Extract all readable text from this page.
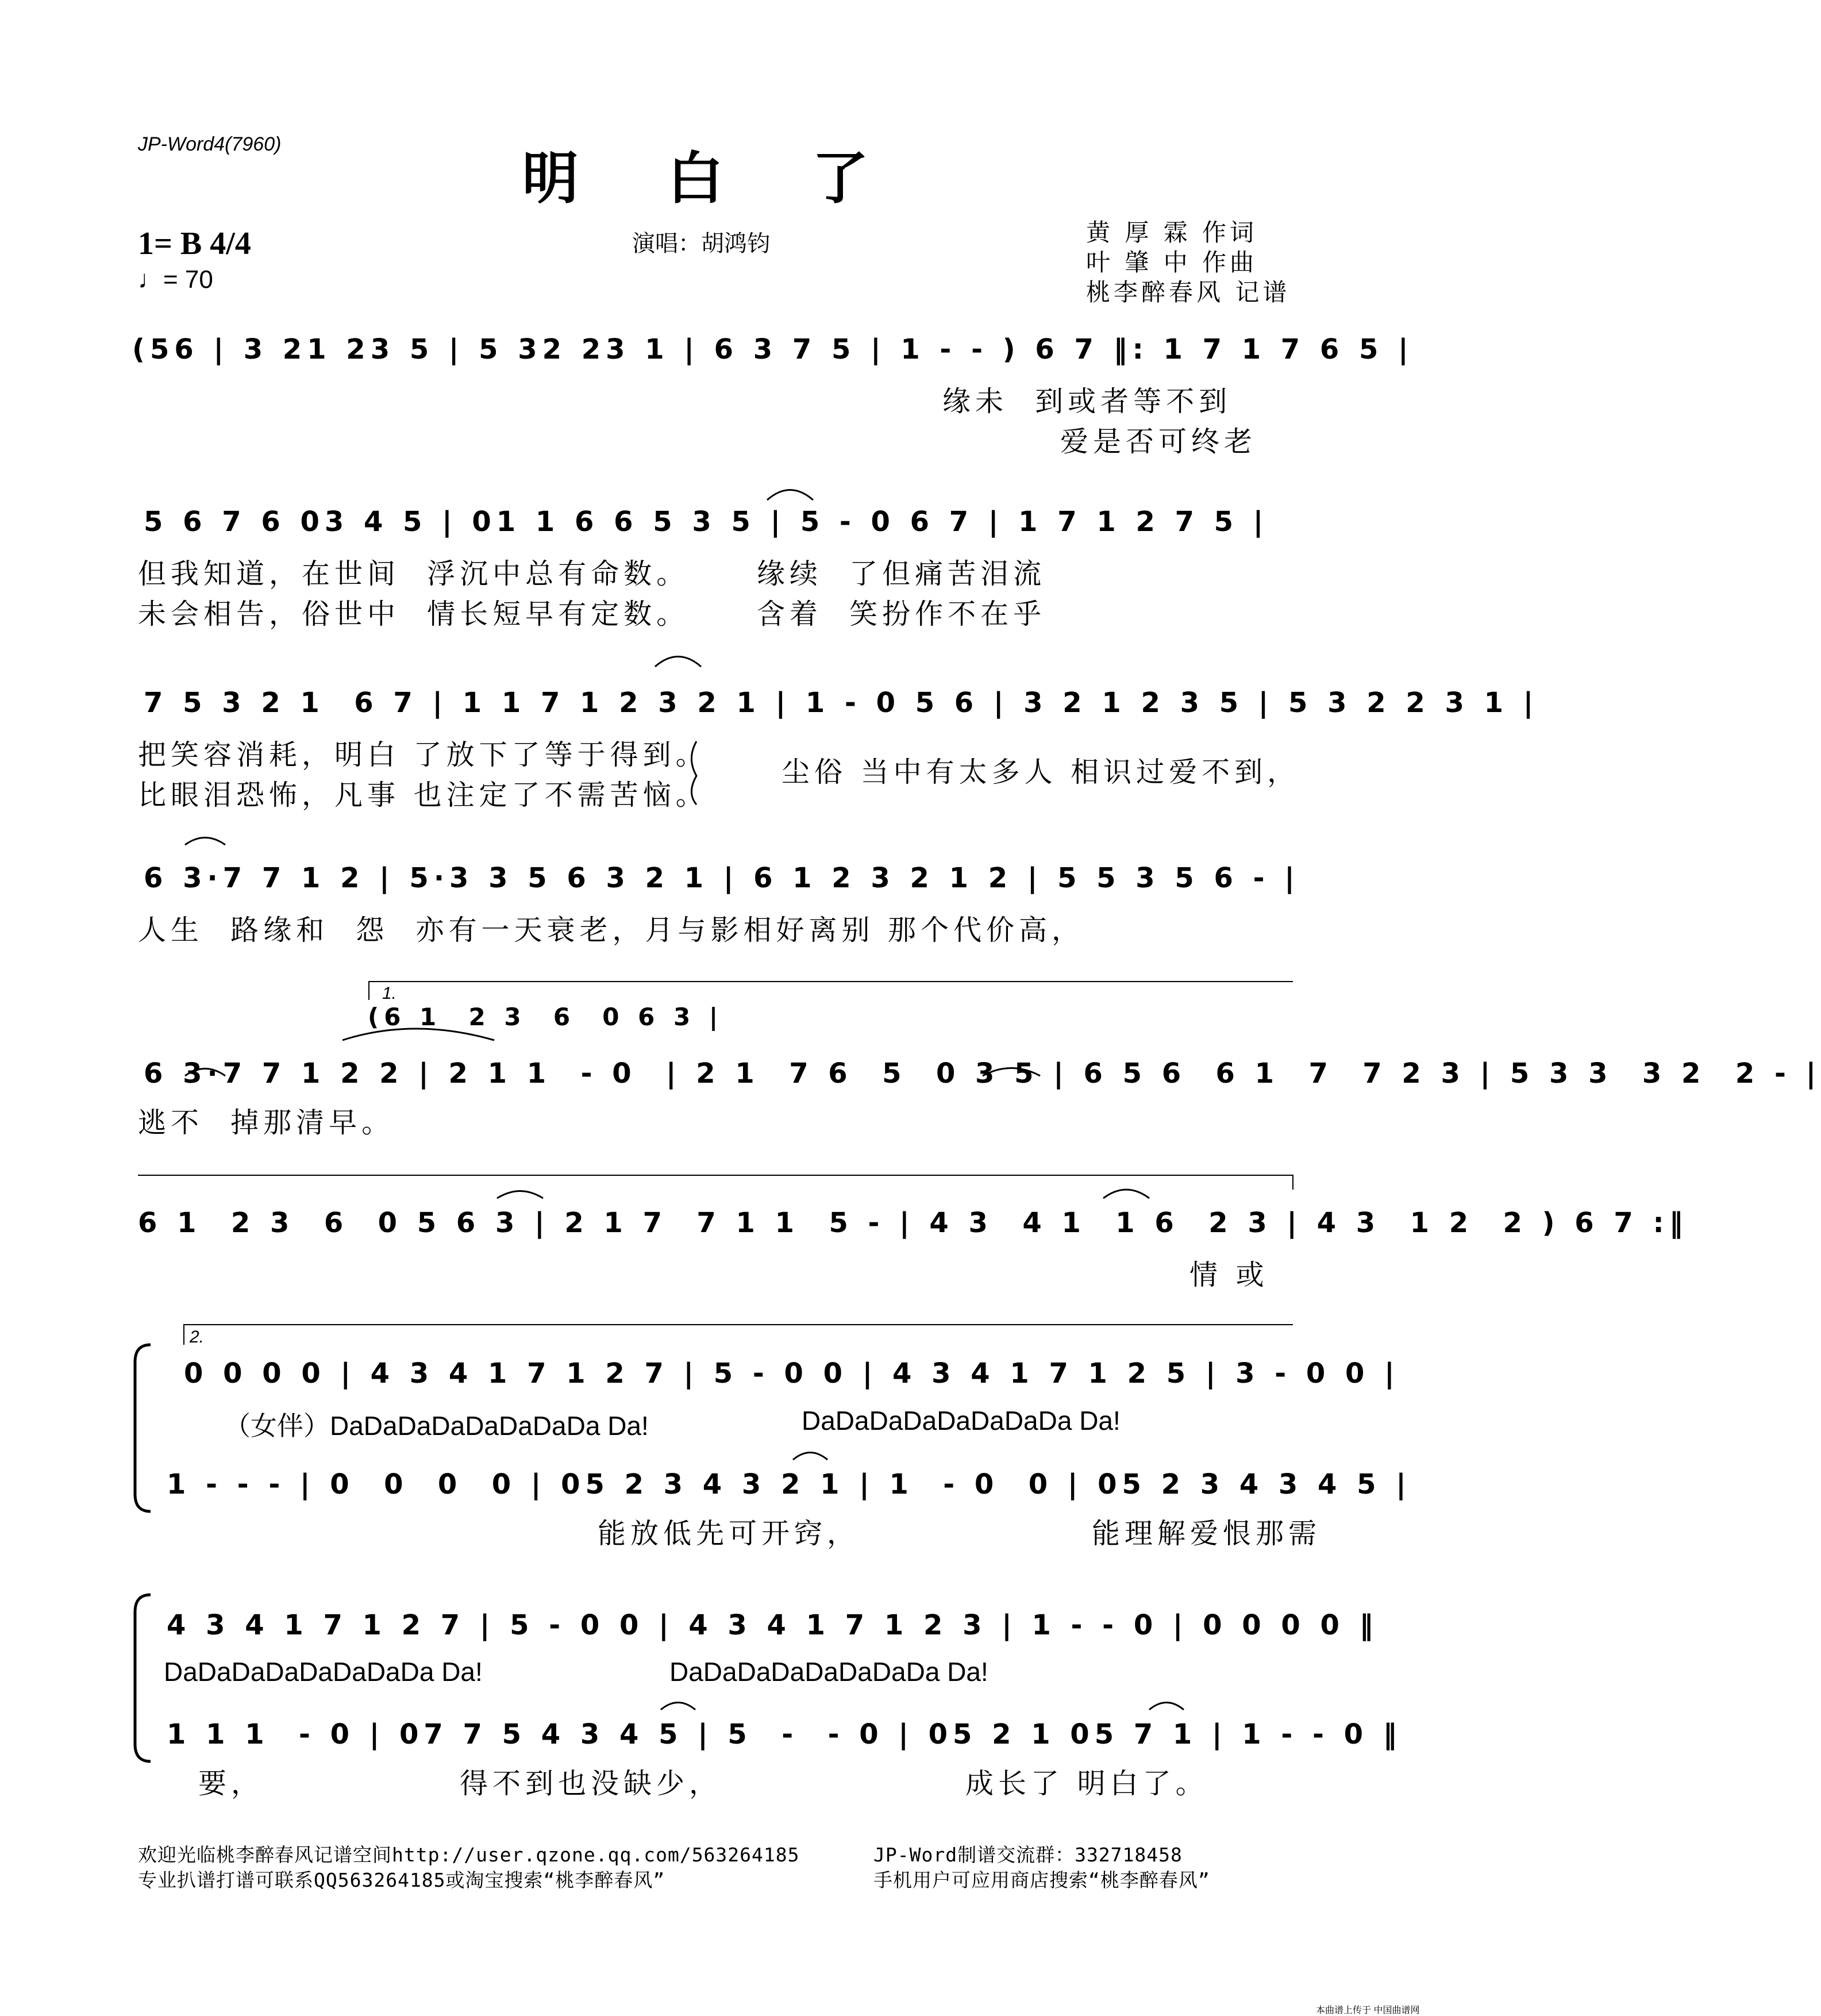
JP-Word4(7960)
明 白 了
1= B 4/4
♩= 70
演唱：胡鸿钧	黄 厚 霖 作词
叶 肇 中 作曲
桃李醉春风 记谱
(56 | 3 21 23 5 | 5 32 23 1 | 6 3 7 5 | 1 - - ) 6 7 ‖: 1 7 1 7 6 5 |
缘未  到或者等不到
爱是否可终老
5 6 7 6 03 4 5 | 01 1 6 6 5 3 5 | 5 - 0 6 7 | 1 7 1 2 7 5 |
但我知道，在世间  浮沉中总有命数。     缘续  了但痛苦泪流
未会相告，俗世中  情长短早有定数。     含着  笑扮作不在乎
7 5 3 2 1  6 7 | 1 1 7 1 2 3 2 1 | 1 - 0 5 6 | 3 2 1 2 3 5 | 5 3 2 2 3 1 |
把笑容消耗，明白 了放下了等于得到。
比眼泪恐怖，凡事 也注定了不需苦恼。
尘俗 当中有太多人 相识过爱不到，
6 3·7 7 1 2 | 5·3 3 5 6 3 2 1 | 6 1 2 3 2 1 2 | 5 5 3 5 6 - |
人生  路缘和  怨  亦有一天衰老，月与影相好离别 那个代价高，
1.
(6 1  2 3  6  0 6 3 |
6 3·7 7 1 2 2 | 2 1 1  - 0  | 2 1  7 6  5  0 3 5 | 6 5 6  6 1  7  7 2 3 | 5 3 3  3 2  2 - |
逃不  掉那清早。
6 1  2 3  6  0 5 6 3 | 2 1 7  7 1 1  5 - | 4 3  4 1  1 6  2 3 | 4 3  1 2  2 ) 6 7 :‖
情 或
2.
0 0 0 0 | 4 3 4 1 7 1 2 7 | 5 - 0 0 | 4 3 4 1 7 1 2 5 | 3 - 0 0 |
（女伴）DaDaDaDaDaDaDaDa Da!	DaDaDaDaDaDaDaDa Da!
1 - - - | 0  0  0  0 | 05 2 3 4 3 2 1 | 1  - 0  0 | 05 2 3 4 3 4 5 |
能放低先可开窍，	能理解爱恨那需
4 3 4 1 7 1 2 7 | 5 - 0 0 | 4 3 4 1 7 1 2 3 | 1 - - 0 | 0 0 0 0 ‖
DaDaDaDaDaDaDaDa Da!	DaDaDaDaDaDaDaDa Da!
1 1 1  - 0 | 07 7 5 4 3 4 5 | 5  -  - 0 | 05 2 1 05 7 1 | 1 - - 0 ‖
要，	得不到也没缺少，	成长了 明白了。
欢迎光临桃李醉春风记谱空间http://user.qzone.qq.com/563264185	JP-Word制谱交流群：332718458
专业扒谱打谱可联系QQ563264185或淘宝搜索“桃李醉春风”	手机用户可应用商店搜索“桃李醉春风”
本曲谱上传于 中国曲谱网
